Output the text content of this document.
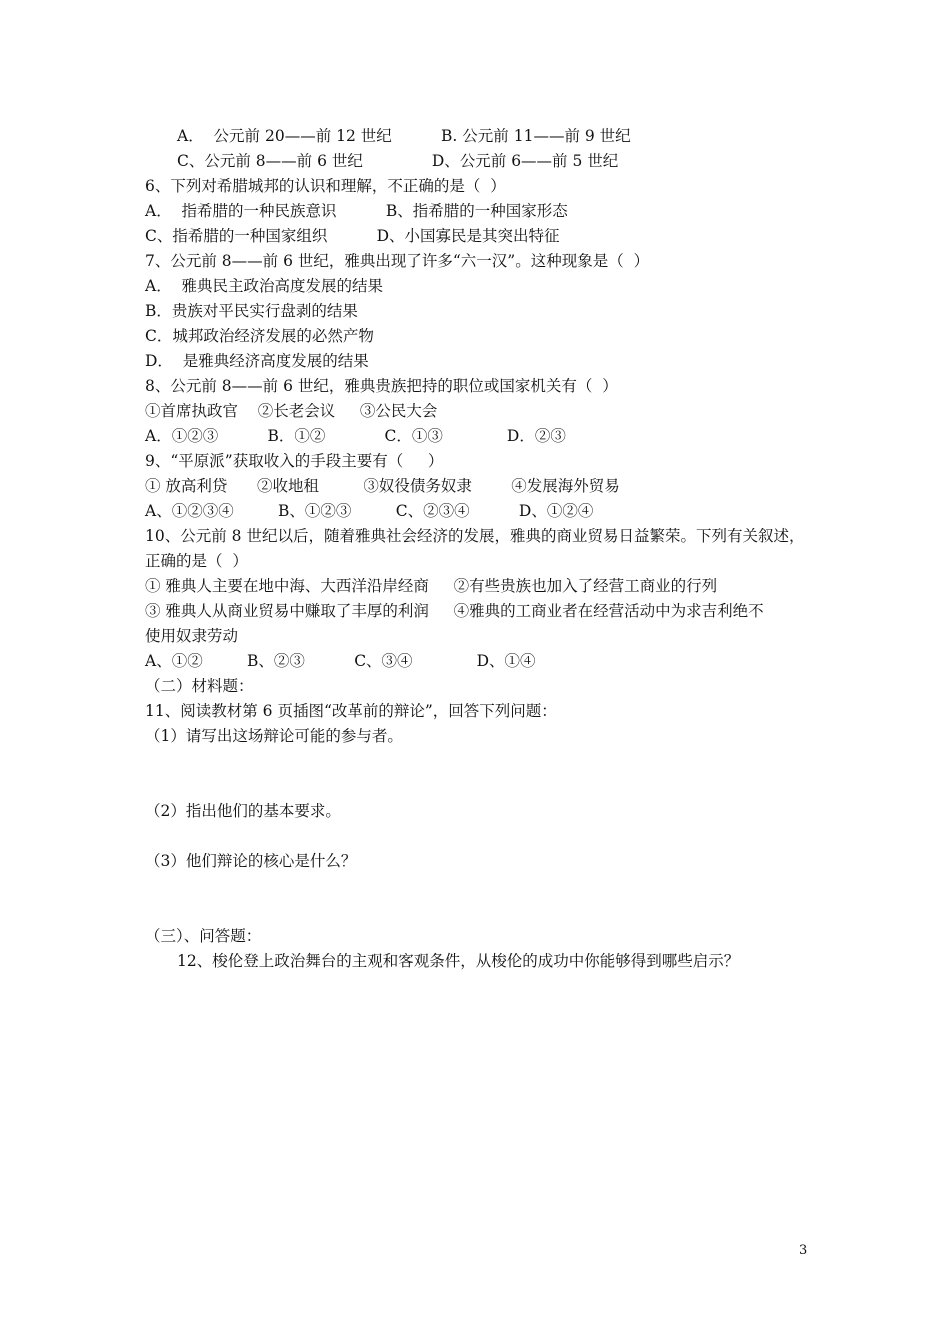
A．  公元前 20——前 12 世纪          B. 公元前 11——前 9 世纪
C、公元前 8——前 6 世纪              D、公元前 6——前 5 世纪
6、下列对希腊城邦的认识和理解，不正确的是（  ）
A．  指希腊的一种民族意识          B、指希腊的一种国家形态
C、指希腊的一种国家组织          D、小国寡民是其突出特征
7、公元前 8——前 6 世纪，雅典出现了许多“六一汉”。这种现象是（  ）
A．  雅典民主政治高度发展的结果
B．贵族对平民实行盘剥的结果
C．城邦政治经济发展的必然产物
D．  是雅典经济高度发展的结果
8、公元前 8——前 6 世纪，雅典贵族把持的职位或国家机关有（  ）
①首席执政官    ②长老会议     ③公民大会
A．①②③          B．①②            C．①③             D．②③
9、“平原派”获取收入的手段主要有（     ）
① 放高利贷      ②收地租         ③奴役债务奴隶        ④发展海外贸易
A、①②③④         B、①②③         C、②③④          D、①②④
10、公元前 8 世纪以后，随着雅典社会经济的发展，雅典的商业贸易日益繁荣。下列有关叙述，
正确的是（  ）
① 雅典人主要在地中海、大西洋沿岸经商     ②有些贵族也加入了经营工商业的行列
③ 雅典人从商业贸易中赚取了丰厚的利润     ④雅典的工商业者在经营活动中为求吉利绝不
使用奴隶劳动
A、①②         B、②③          C、③④             D、①④
（二）材料题：
11、阅读教材第 6 页插图“改革前的辩论”，回答下列问题：
（1）请写出这场辩论可能的参与者。
（2）指出他们的基本要求。
（3）他们辩论的核心是什么？
（三）、问答题：
12、梭伦登上政治舞台的主观和客观条件，从梭伦的成功中你能够得到哪些启示？
3
